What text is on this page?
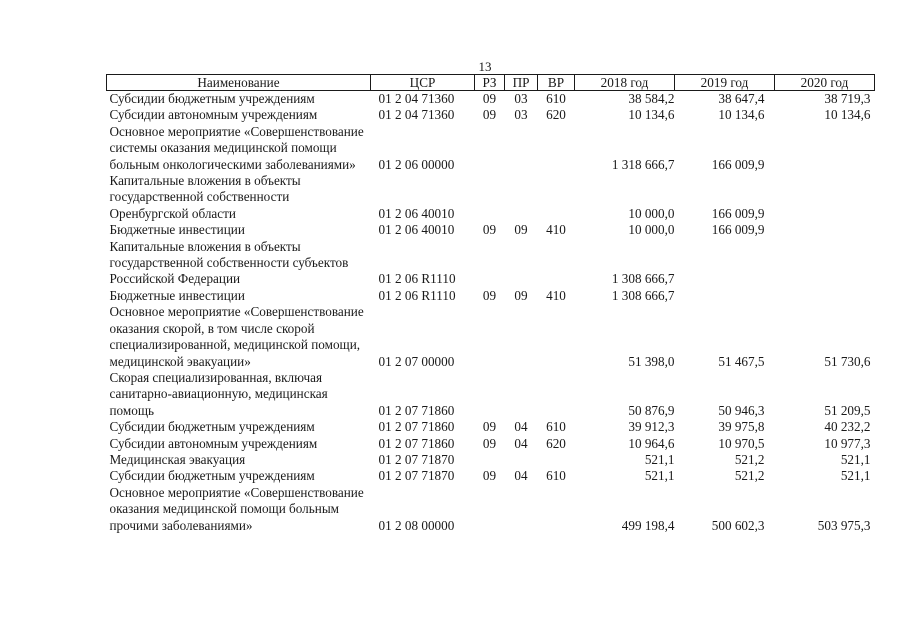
13
Наименование	ЦСР	РЗ	ПР	ВР	2018 год	2019 год	2020 год
Субсидии бюджетным учреждениям	01 2 04 71360	09	03	610	38 584,2	38 647,4	38 719,3
Субсидии автономным учреждениям	01 2 04 71360	09	03	620	10 134,6	10 134,6	10 134,6
Основное мероприятие «Совершенствование системы оказания медицинской помощи больным онкологическими заболеваниями»	01 2 06 00000				1 318 666,7	166 009,9	
Капитальные вложения в объекты государственной собственности Оренбургской области	01 2 06 40010				10 000,0	166 009,9	
Бюджетные инвестиции	01 2 06 40010	09	09	410	10 000,0	166 009,9	
Капитальные вложения в объекты государственной собственности субъектов Российской Федерации	01 2 06 R1110				1 308 666,7		
Бюджетные инвестиции	01 2 06 R1110	09	09	410	1 308 666,7		
Основное мероприятие «Совершенствование оказания скорой, в том числе скорой специализированной, медицинской помощи, медицинской эвакуации»	01 2 07 00000				51 398,0	51 467,5	51 730,6
Скорая специализированная, включая санитарно-авиационную, медицинская помощь	01 2 07 71860				50 876,9	50 946,3	51 209,5
Субсидии бюджетным учреждениям	01 2 07 71860	09	04	610	39 912,3	39 975,8	40 232,2
Субсидии автономным учреждениям	01 2 07 71860	09	04	620	10 964,6	10 970,5	10 977,3
Медицинская эвакуация	01 2 07 71870				521,1	521,2	521,1
Субсидии бюджетным учреждениям	01 2 07 71870	09	04	610	521,1	521,2	521,1
Основное мероприятие «Совершенствование оказания медицинской помощи больным прочими заболеваниями»	01 2 08 00000				499 198,4	500 602,3	503 975,3
